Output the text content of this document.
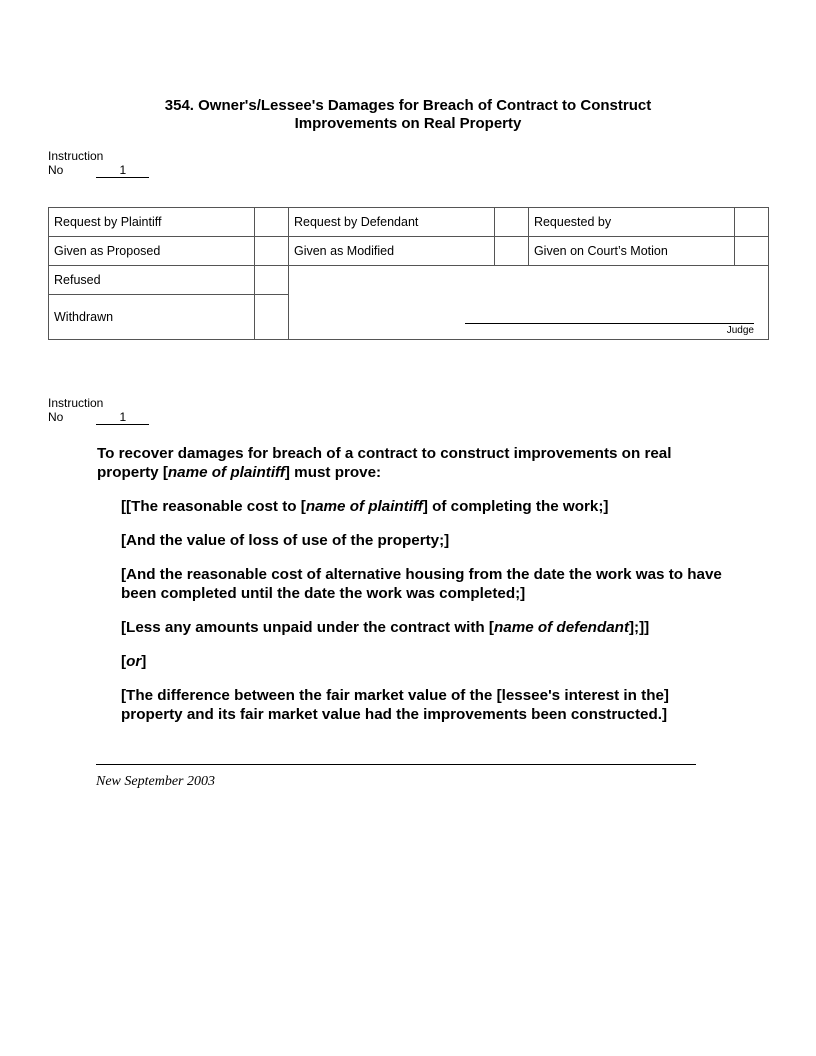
354. Owner's/Lessee's Damages for Breach of Contract to Construct
Improvements on Real Property
Instruction
No	1
Request by Plaintiff		Request by Defendant		Requested by	
Given as Proposed		Given as Modified		Given on Court’s Motion	
Refused		Judge			

Withdrawn					
Instruction
No	1

To recover damages for breach of a contract to construct improvements on real property [name of plaintiff] must prove:

[[The reasonable cost to [name of plaintiff] of completing the work;]

[And the value of loss of use of the property;]

[And the reasonable cost of alternative housing from the date the work was to have been completed until the date the work was completed;]

[Less any amounts unpaid under the contract with [name of defendant];]]

[or]

[The difference between the fair market value of the [lessee's interest in the] property and its fair market value had the improvements been constructed.]

New September 2003
